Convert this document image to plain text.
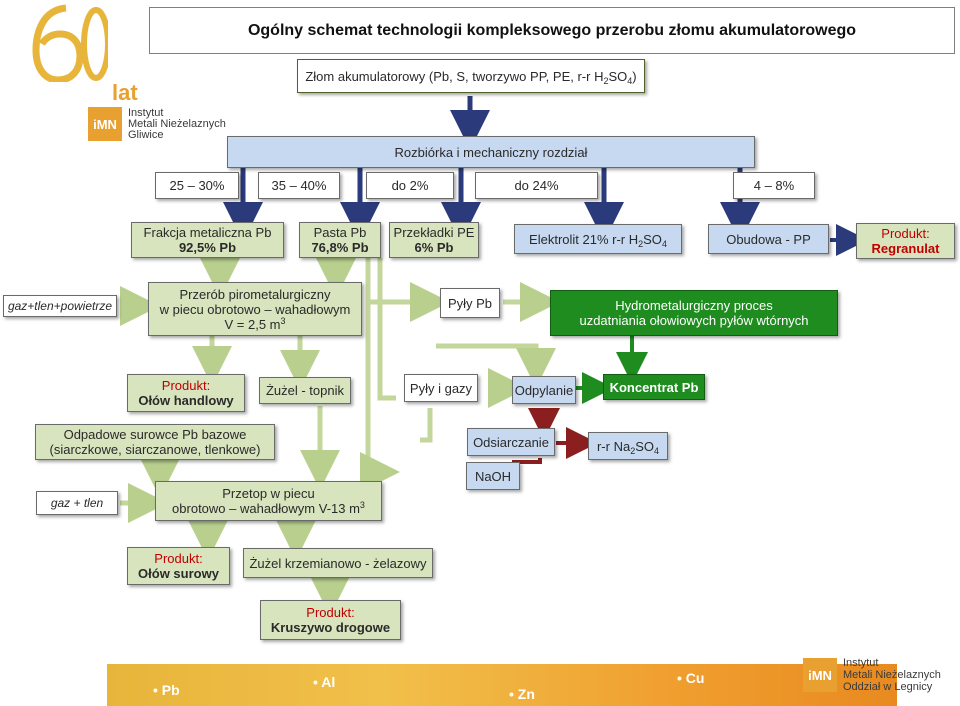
lat
iMN
Instytut
Metali Nieżelaznych
Gliwice
Ogólny schemat technologii kompleksowego przerobu złomu akumulatorowego
Złom akumulatorowy (Pb, S, tworzywo PP, PE, r-r $H_2SO_4$)
Rozbiórka i mechaniczny rozdział
25 – 30%	35 – 40%	do 2%	do 24%	4 – 8%
Frakcja metaliczna Pb
92,5% Pb
Pasta Pb
76,8% Pb
Przekładki PE
6% Pb
Elektrolit 21% r-r $H_2SO_4$	Obudowa - PP	Produkt:
Regranulat
gaz+tlen+powietrze
Przerób pirometalurgiczny
w piecu obrotowo – wahadłowym
V = 2,5 $m^3$
Pyły Pb	Hydrometalurgiczny proces
uzdatniania ołowiowych pyłów wtórnych
Produkt:
Ołów handlowy
Żużel - topnik	Pyły i gazy	Odpylanie	Koncentrat Pb
Odpadowe surowce Pb bazowe
(siarczkowe, siarczanowe, tlenkowe)	Odsiarczanie	r-r $Na_2SO_4$
NaOH
gaz + tlen
Przetop w piecu
obrotowo – wahadłowym V-13 $m^3$
Produkt:
Ołów surowy
Żużel krzemianowo - żelazowy
Produkt:
Kruszywo drogowe
• Pb	• Al
• Zn
• Cu	iMN
Instytut
Metali Nieżelaznych
Oddział w Legnicy
